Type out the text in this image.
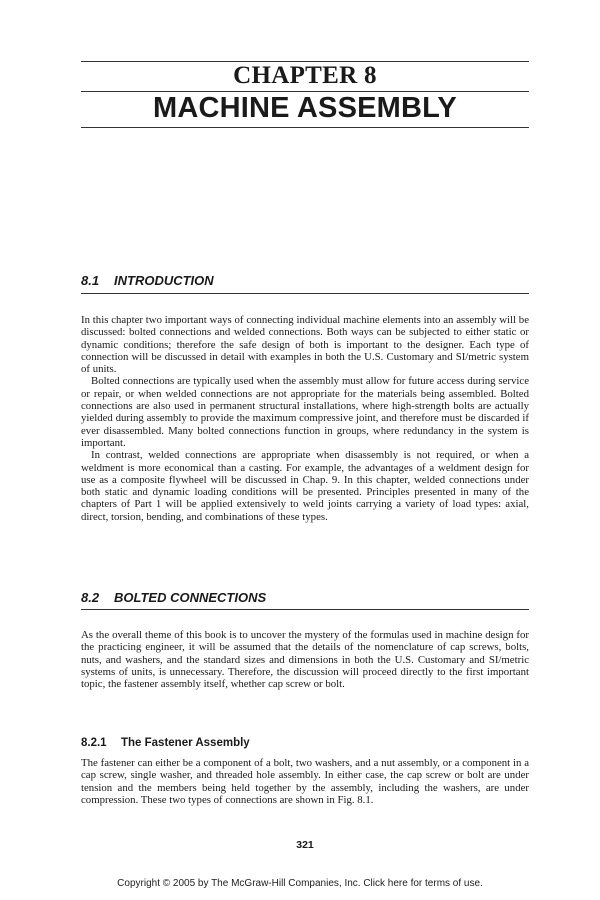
CHAPTER 8
MACHINE ASSEMBLY
8.1 INTRODUCTION

In this chapter two important ways of connecting individual machine elements into an assembly will be discussed: bolted connections and welded connections. Both ways can be subjected to either static or dynamic conditions; therefore the safe design of both is important to the designer. Each type of connection will be discussed in detail with examples in both the U.S. Customary and SI/metric system of units.

Bolted connections are typically used when the assembly must allow for future access during service or repair, or when welded connections are not appropriate for the materials being assembled. Bolted connections are also used in permanent structural installations, where high-strength bolts are actually yielded during assembly to provide the maximum compressive joint, and therefore must be discarded if ever disassembled. Many bolted connections function in groups, where redundancy in the system is important.

In contrast, welded connections are appropriate when disassembly is not required, or when a weldment is more economical than a casting. For example, the advantages of a weldment design for use as a composite flywheel will be discussed in Chap. 9. In this chapter, welded connections under both static and dynamic loading conditions will be presented. Principles presented in many of the chapters of Part 1 will be applied extensively to weld joints carrying a variety of load types: axial, direct, torsion, bending, and combinations of these types.

8.2 BOLTED CONNECTIONS

As the overall theme of this book is to uncover the mystery of the formulas used in machine design for the practicing engineer, it will be assumed that the details of the nomenclature of cap screws, bolts, nuts, and washers, and the standard sizes and dimensions in both the U.S. Customary and SI/metric systems of units, is unnecessary. Therefore, the discussion will proceed directly to the first important topic, the fastener assembly itself, whether cap screw or bolt.

8.2.1 The Fastener Assembly

The fastener can either be a component of a bolt, two washers, and a nut assembly, or a component in a cap screw, single washer, and threaded hole assembly. In either case, the cap screw or bolt are under tension and the members being held together by the assembly, including the washers, are under compression. These two types of connections are shown in Fig. 8.1.

321
Copyright © 2005 by The McGraw-Hill Companies, Inc. Click here for terms of use.
